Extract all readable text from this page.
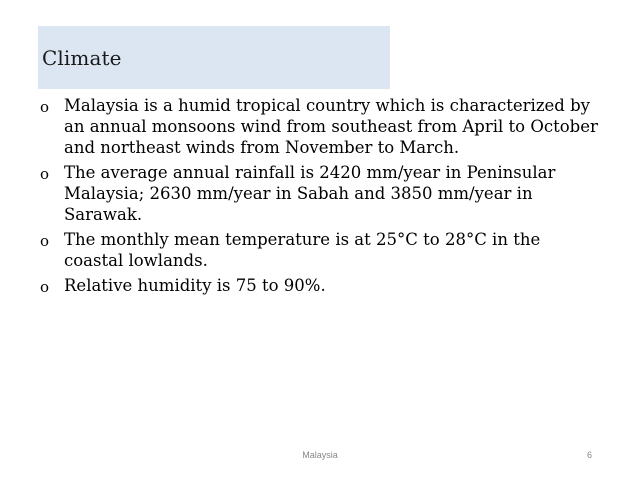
Climate
o Malaysia is a humid tropical country which is characterized by an annual monsoons wind from southeast from April to October and northeast winds from November to March.
o The average annual rainfall is 2420 mm/year in Peninsular Malaysia; 2630 mm/year in Sabah and 3850 mm/year in Sarawak.
o The monthly mean temperature is at 25°C to 28°C in the coastal lowlands.
o Relative humidity is 75 to 90%.
Malaysia	6
